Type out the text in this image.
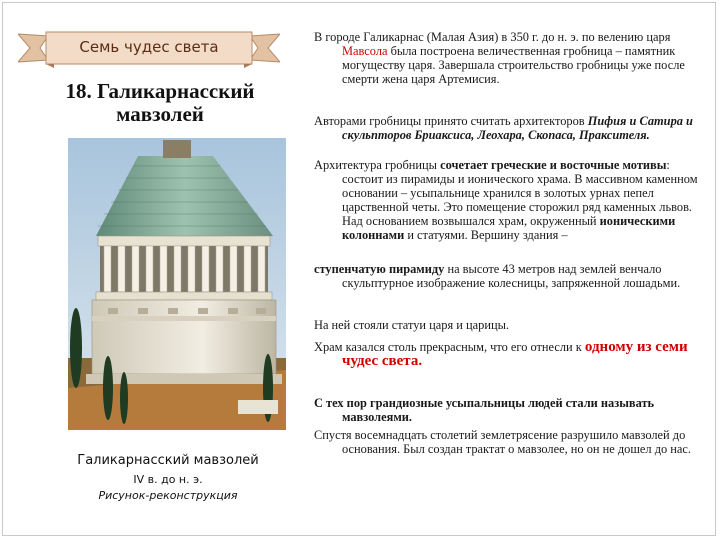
Семь чудес света
18. Галикарнасский
мавзолей
Галикарнасский мавзолей
IV в. до н. э.
Рисунок-реконструкция

В городе Галикарнас (Малая Азия) в 350 г. до н. э. по велению царя Мавсола была построена величественная гробница – памятник могуществу царя. Завершала строительство гробницы уже после смерти жена царя Артемисия.

Авторами гробницы принято считать архитекторов Пифия и Сатира и скульпторов Бриаксиса, Леохара, Скопаса, Праксителя.

Архитектура гробницы сочетает греческие и восточные мотивы: состоит из пирамиды и ионического храма. В массивном каменном основании – усыпальнице хранился в золотых урнах пепел царственной четы. Это помещение сторожил ряд каменных львов. Над основанием возвышался храм, окруженный ионическими колоннами и статуями. Вершину здания –

ступенчатую пирамиду на высоте 43 метров над землей венчало скульптурное изображение колесницы, запряженной лошадьми.

На ней стояли статуи царя и царицы.

Храм казался столь прекрасным, что его отнесли к одному из семи чудес света.

С тех пор грандиозные усыпальницы людей стали называть мавзолеями.

Спустя восемнадцать столетий землетрясение разрушило мавзолей до основания. Был создан трактат о мавзолее, но он не дошел до нас.
